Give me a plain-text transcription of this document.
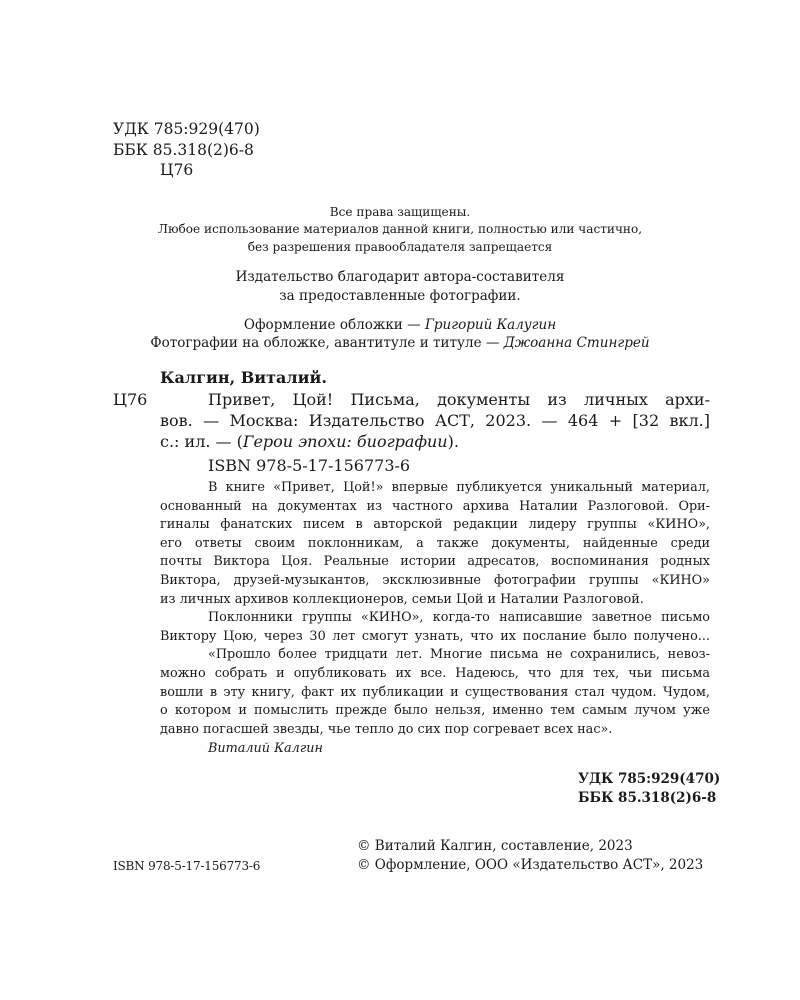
УДК 785:929(470)
ББК 85.318(2)6-8
Ц76
Все права защищены.
Любое использование материалов данной книги, полностью или частично,
без разрешения правообладателя запрещается
Издательство благодарит автора-составителя
за предоставленные фотографии.
Оформление обложки — Григорий Калугин
Фотографии на обложке, авантитуле и титуле — Джоанна Стингрей
Калгин, Виталий.
Ц76	Привет, Цой! Письма, документы из личных архи-
вов. — Москва: Издательство АСТ, 2023. — 464 + [32 вкл.]
с.: ил. — (Герои эпохи: биографии).
ISBN 978-5-17-156773-6
В книге «Привет, Цой!» впервые публикуется уникальный материал,
основанный на документах из частного архива Наталии Разлоговой. Ори-
гиналы фанатских писем в авторской редакции лидеру группы «КИНО»,
его ответы своим поклонникам, а также документы, найденные среди
почты Виктора Цоя. Реальные истории адресатов, воспоминания родных
Виктора, друзей-музыкантов, эксклюзивные фотографии группы «КИНО»
из личных архивов коллекционеров, семьи Цой и Наталии Разлоговой.
Поклонники группы «КИНО», когда-то написавшие заветное письмо
Виктору Цою, через 30 лет смогут узнать, что их послание было получено...
«Прошло более тридцати лет. Многие письма не сохранились, невоз-
можно собрать и опубликовать их все. Надеюсь, что для тех, чьи письма
вошли в эту книгу, факт их публикации и существования стал чудом. Чудом,
о котором и помыслить прежде было нельзя, именно тем самым лучом уже
давно погасшей звезды, чье тепло до сих пор согревает всех нас».
Виталий Калгин
УДК 785:929(470)
ББК 85.318(2)6-8
ISBN 978-5-17-156773-6
© Виталий Калгин, составление, 2023
© Оформление, ООО «Издательство АСТ», 2023
